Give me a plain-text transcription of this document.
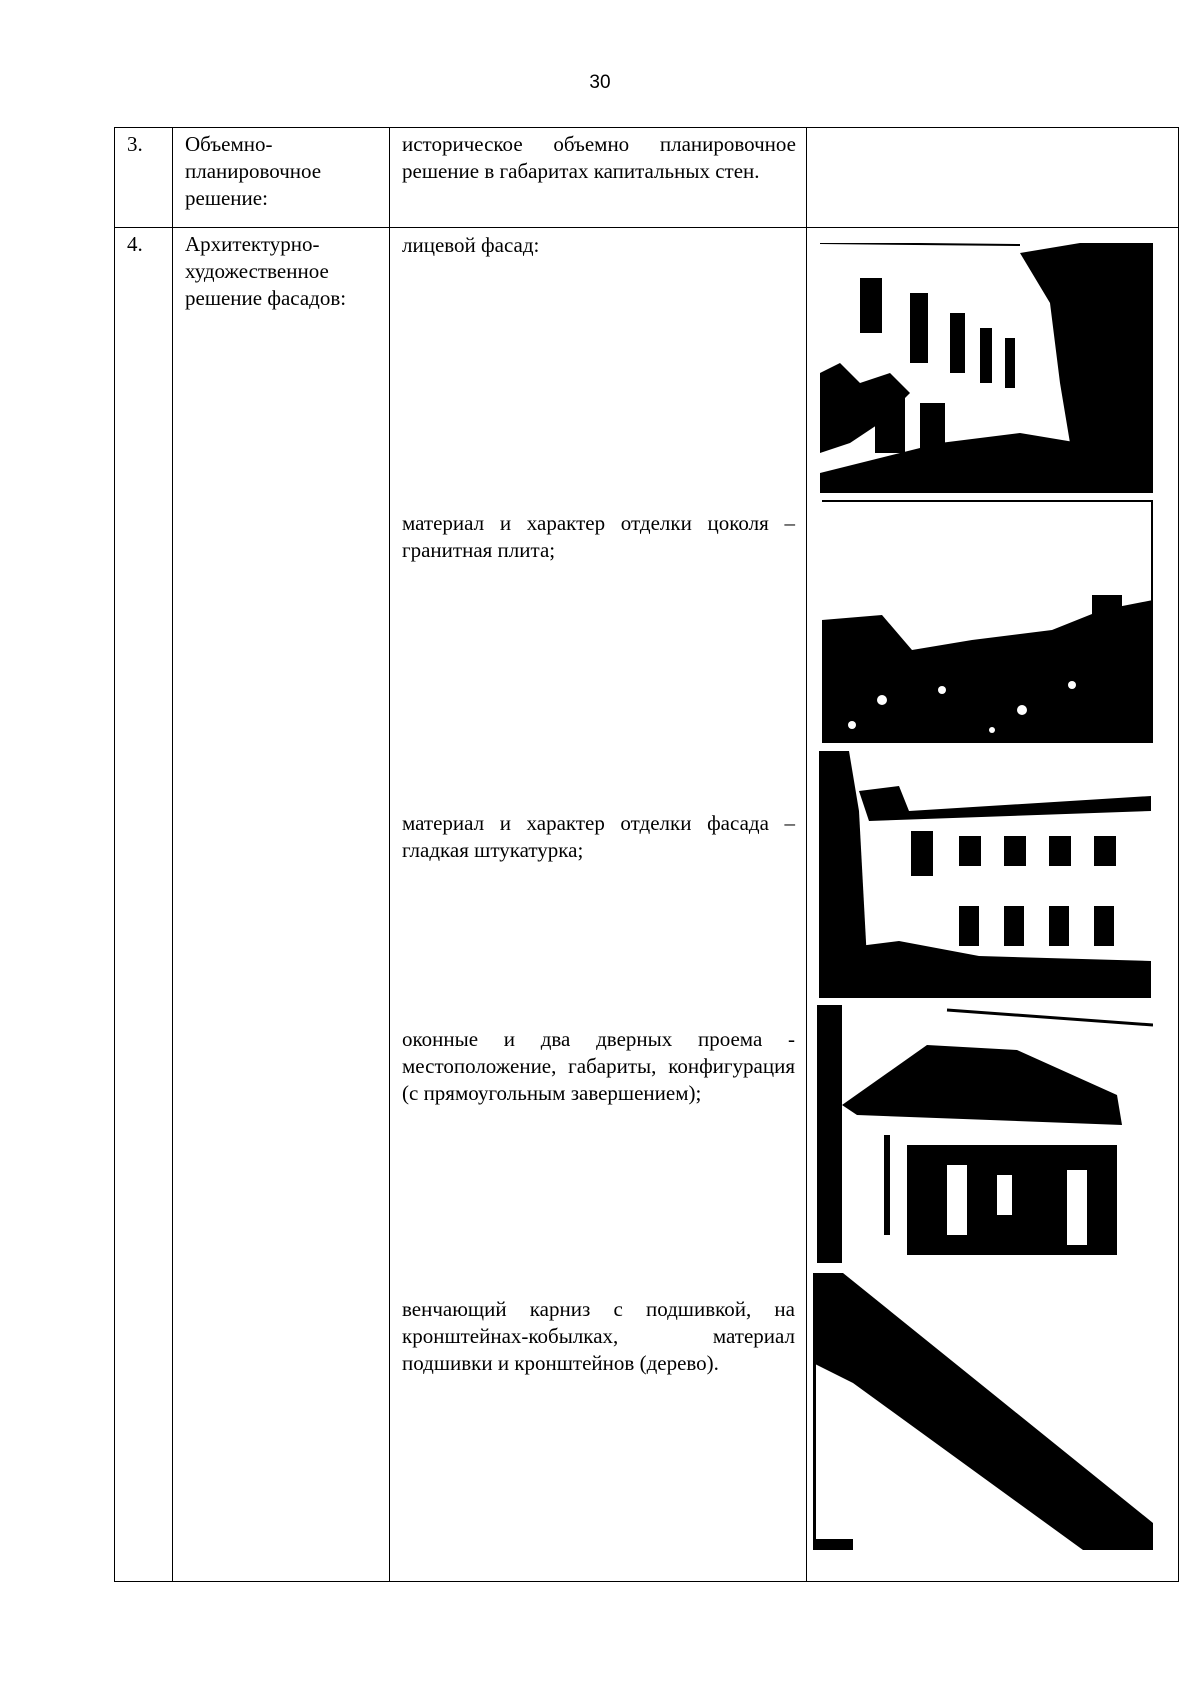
30
3.	Объемно-планировочное решение:	историческое объемно планировочное решение в габаритах капитальных стен.	

4.	Архитектурно-художественное решение фасадов:	лицевой фасад:
материал и характер отделки цоколя – гранитная плита;
материал и характер отделки фасада – гладкая штукатурка;
оконные и два дверных проема - местоположение, габариты, конфигурация (с прямоугольным завершением);
венчающий карниз с подшивкой, на кронштейнах-кобылках, материал подшивки и кронштейнов (дерево).
